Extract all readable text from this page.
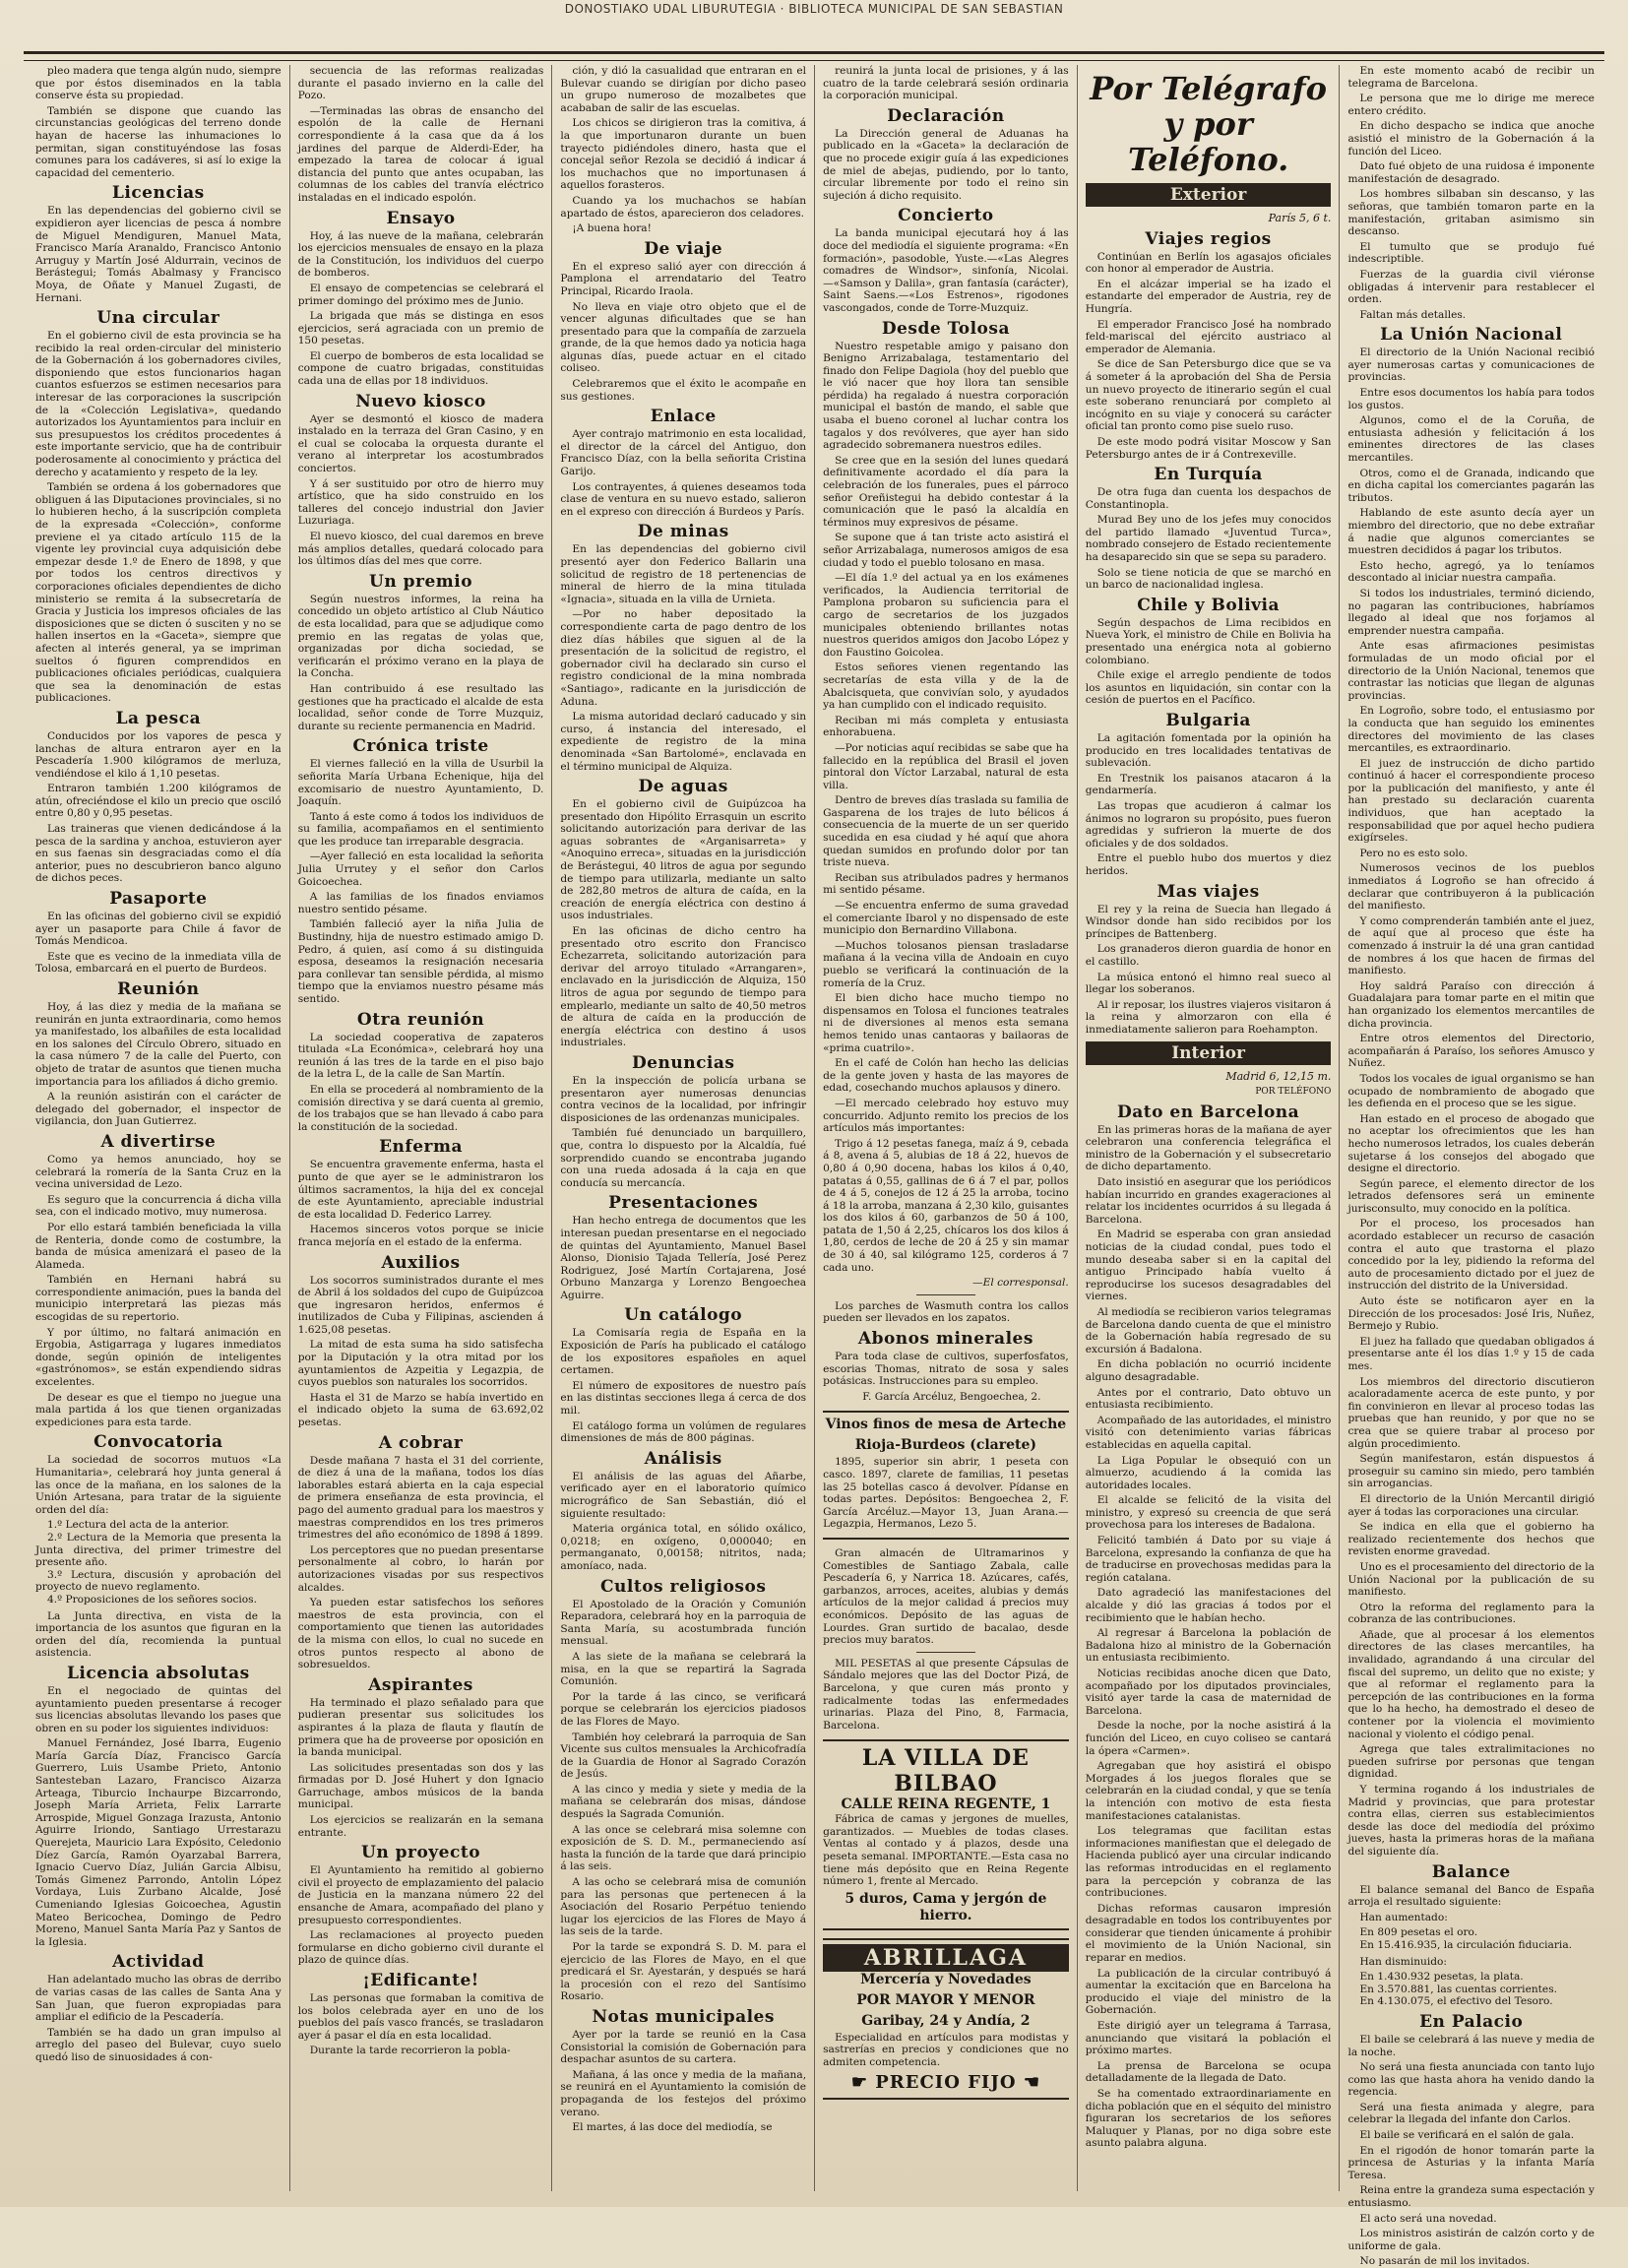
DONOSTIAKO UDAL LIBURUTEGIA · BIBLIOTECA MUNICIPAL DE SAN SEBASTIAN

pleo madera que tenga algún nudo, siempre que por éstos diseminados en la tabla conserve ésta su propiedad.

También se dispone que cuando las circunstancias geológicas del terreno donde hayan de hacerse las inhumaciones lo permitan, sigan constituyéndose las fosas comunes para los cadáveres, si así lo exige la capacidad del cementerio.

Licencias

En las dependencias del gobierno civil se expidieron ayer licencias de pesca á nombre de Miguel Mendiguren, Manuel Mata, Francisco María Aranaldo, Francisco Antonio Arruguy y Martín José Aldurrain, vecinos de Berástegui; Tomás Abalmasy y Francisco Moya, de Oñate y Manuel Zugasti, de Hernani.

Una circular

En el gobierno civil de esta provincia se ha recibido la real orden-circular del ministerio de la Gobernación á los gobernadores civiles, disponiendo que estos funcionarios hagan cuantos esfuerzos se estimen necesarios para interesar de las corporaciones la suscripción de la «Colección Legislativa», quedando autorizados los Ayuntamientos para incluir en sus presupuestos los créditos procedentes á este importante servicio, que ha de contribuir poderosamente al conocimiento y práctica del derecho y acatamiento y respeto de la ley.

También se ordena á los gobernadores que obliguen á las Diputaciones provinciales, si no lo hubieren hecho, á la suscripción completa de la expresada «Colección», conforme previene el ya citado artículo 115 de la vigente ley provincial cuya adquisición debe empezar desde 1.º de Enero de 1898, y que por todos los centros directivos y corporaciones oficiales dependientes de dicho ministerio se remita á la subsecretaría de Gracia y Justicia los impresos oficiales de las disposiciones que se dicten ó susciten y no se hallen insertos en la «Gaceta», siempre que afecten al interés general, ya se impriman sueltos ó figuren comprendidos en publicaciones oficiales periódicas, cualquiera que sea la denominación de estas publicaciones.

La pesca

Conducidos por los vapores de pesca y lanchas de altura entraron ayer en la Pescadería 1.900 kilógramos de merluza, vendiéndose el kilo á 1,10 pesetas.

Entraron también 1.200 kilógramos de atún, ofreciéndose el kilo un precio que osciló entre 0,80 y 0,95 pesetas.

Las traineras que vienen dedicándose á la pesca de la sardina y anchoa, estuvieron ayer en sus faenas sin desgraciadas como el día anterior, pues no descubrieron banco alguno de dichos peces.

Pasaporte

En las oficinas del gobierno civil se expidió ayer un pasaporte para Chile á favor de Tomás Mendicoa.

Este que es vecino de la inmediata villa de Tolosa, embarcará en el puerto de Burdeos.

Reunión

Hoy, á las diez y media de la mañana se reunirán en junta extraordinaria, como hemos ya manifestado, los albañiles de esta localidad en los salones del Círculo Obrero, situado en la casa número 7 de la calle del Puerto, con objeto de tratar de asuntos que tienen mucha importancia para los afiliados á dicho gremio.

A la reunión asistirán con el carácter de delegado del gobernador, el inspector de vigilancia, don Juan Gutierrez.

A divertirse

Como ya hemos anunciado, hoy se celebrará la romería de la Santa Cruz en la vecina universidad de Lezo.

Es seguro que la concurrencia á dicha villa sea, con el indicado motivo, muy numerosa.

Por ello estará también beneficiada la villa de Renteria, donde como de costumbre, la banda de música amenizará el paseo de la Alameda.

También en Hernani habrá su correspondiente animación, pues la banda del municipio interpretará las piezas más escogidas de su repertorio.

Y por último, no faltará animación en Ergobia, Astigarraga y lugares inmediatos donde, según opinión de inteligentes «gastrónomos», se están expendiendo sidras excelentes.

De desear es que el tiempo no juegue una mala partida á los que tienen organizadas expediciones para esta tarde.

Convocatoria

La sociedad de socorros mutuos «La Humanitaria», celebrará hoy junta general á las once de la mañana, en los salones de la Unión Artesana, para tratar de la siguiente orden del día:

1.º Lectura del acta de la anterior.
2.º Lectura de la Memoria que presenta la Junta directiva, del primer trimestre del presente año.
3.º Lectura, discusión y aprobación del proyecto de nuevo reglamento.
4.º Proposiciones de los señores socios.

La Junta directiva, en vista de la importancia de los asuntos que figuran en la orden del día, recomienda la puntual asistencia.

Licencia absolutas

En el negociado de quintas del ayuntamiento pueden presentarse á recoger sus licencias absolutas llevando los pases que obren en su poder los siguientes individuos:

Manuel Fernández, José Ibarra, Eugenio María García Díaz, Francisco García Guerrero, Luis Usambe Prieto, Antonio Santesteban Lazaro, Francisco Aizarza Arteaga, Tiburcio Inchaurpe Bizcarrondo, Joseph María Arrieta, Felix Larrarte Arrospide, Miguel Gonzaga Irazusta, Antonio Aguirre Iriondo, Santiago Urrestarazu Querejeta, Mauricio Lara Expósito, Celedonio Díez García, Ramón Oyarzabal Barrera, Ignacio Cuervo Díaz, Julián Garcia Albisu, Tomás Gimenez Parrondo, Antolin López Vordaya, Luis Zurbano Alcalde, José Cumeniando Iglesias Goicoechea, Agustin Mateo Bericochea, Domingo de Pedro Moreno, Manuel Santa María Paz y Santos de la Iglesia.

Actividad

Han adelantado mucho las obras de derribo de varias casas de las calles de Santa Ana y San Juan, que fueron expropiadas para ampliar el edificio de la Pescadería.

También se ha dado un gran impulso al arreglo del paseo del Bulevar, cuyo suelo quedó liso de sinuosidades á con-

secuencia de las reformas realizadas durante el pasado invierno en la calle del Pozo.

—Terminadas las obras de ensancho del espolón de la calle de Hernani correspondiente á la casa que da á los jardines del parque de Alderdi-Eder, ha empezado la tarea de colocar á igual distancia del punto que antes ocupaban, las columnas de los cables del tranvía eléctrico instaladas en el indicado espolón.

Ensayo

Hoy, á las nueve de la mañana, celebrarán los ejercicios mensuales de ensayo en la plaza de la Constitución, los individuos del cuerpo de bomberos.

El ensayo de competencias se celebrará el primer domingo del próximo mes de Junio.

La brigada que más se distinga en esos ejercicios, será agraciada con un premio de 150 pesetas.

El cuerpo de bomberos de esta localidad se compone de cuatro brigadas, constituidas cada una de ellas por 18 individuos.

Nuevo kiosco

Ayer se desmontó el kiosco de madera instalado en la terraza del Gran Casino, y en el cual se colocaba la orquesta durante el verano al interpretar los acostumbrados conciertos.

Y á ser sustituido por otro de hierro muy artístico, que ha sido construido en los talleres del concejo industrial don Javier Luzuriaga.

El nuevo kiosco, del cual daremos en breve más amplios detalles, quedará colocado para los últimos días del mes que corre.

Un premio

Según nuestros informes, la reina ha concedido un objeto artístico al Club Náutico de esta localidad, para que se adjudique como premio en las regatas de yolas que, organizadas por dicha sociedad, se verificarán el próximo verano en la playa de la Concha.

Han contribuido á ese resultado las gestiones que ha practicado el alcalde de esta localidad, señor conde de Torre Muzquiz, durante su reciente permanencia en Madrid.

Crónica triste

El viernes falleció en la villa de Usurbil la señorita María Urbana Echenique, hija del excomisario de nuestro Ayuntamiento, D. Joaquín.

Tanto á este como á todos los individuos de su familia, acompañamos en el sentimiento que les produce tan irreparable desgracia.

—Ayer falleció en esta localidad la señorita Julia Urrutey y el señor don Carlos Goicoechea.

A las familias de los finados enviamos nuestro sentido pésame.

También falleció ayer la niña Julia de Bustindny, hija de nuestro estimado amigo D. Pedro, á quien, así como á su distinguida esposa, deseamos la resignación necesaria para conllevar tan sensible pérdida, al mismo tiempo que la enviamos nuestro pésame más sentido.

Otra reunión

La sociedad cooperativa de zapateros titulada «La Económica», celebrará hoy una reunión á las tres de la tarde en el piso bajo de la letra L, de la calle de San Martín.

En ella se procederá al nombramiento de la comisión directiva y se dará cuenta al gremio, de los trabajos que se han llevado á cabo para la constitución de la sociedad.

Enferma

Se encuentra gravemente enferma, hasta el punto de que ayer se le administraron los últimos sacramentos, la hija del ex concejal de este Ayuntamiento, apreciable industrial de esta localidad D. Federico Larrey.

Hacemos sinceros votos porque se inicie franca mejoría en el estado de la enferma.

Auxilios

Los socorros suministrados durante el mes de Abril á los soldados del cupo de Guipúzcoa que ingresaron heridos, enfermos é inutilizados de Cuba y Filipinas, ascienden á 1.625,08 pesetas.

La mitad de esta suma ha sido satisfecha por la Diputación y la otra mitad por los ayuntamientos de Azpeitia y Legazpia, de cuyos pueblos son naturales los socorridos.

Hasta el 31 de Marzo se había invertido en el indicado objeto la suma de 63.692,02 pesetas.

A cobrar

Desde mañana 7 hasta el 31 del corriente, de diez á una de la mañana, todos los días laborables estará abierta en la caja especial de primera enseñanza de esta provincia, el pago del aumento gradual para los maestros y maestras comprendidos en los tres primeros trimestres del año económico de 1898 á 1899.

Los perceptores que no puedan presentarse personalmente al cobro, lo harán por autorizaciones visadas por sus respectivos alcaldes.

Ya pueden estar satisfechos los señores maestros de esta provincia, con el comportamiento que tienen las autoridades de la misma con ellos, lo cual no sucede en otros puntos respecto al abono de sobresueldos.

Aspirantes

Ha terminado el plazo señalado para que pudieran presentar sus solicitudes los aspirantes á la plaza de flauta y flautín de primera que ha de proveerse por oposición en la banda municipal.

Las solicitudes presentadas son dos y las firmadas por D. José Huhert y don Ignacio Garruchage, ambos músicos de la banda municipal.

Los ejercicios se realizarán en la semana entrante.

Un proyecto

El Ayuntamiento ha remitido al gobierno civil el proyecto de emplazamiento del palacio de Justicia en la manzana número 22 del ensanche de Amara, acompañado del plano y presupuesto correspondientes.

Las reclamaciones al proyecto pueden formularse en dicho gobierno civil durante el plazo de quince días.

¡Edificante!

Las personas que formaban la comitiva de los bolos celebrada ayer en uno de los pueblos del país vasco francés, se trasladaron ayer á pasar el día en esta localidad.

Durante la tarde recorrieron la pobla-

ción, y dió la casualidad que entraran en el Bulevar cuando se dirigían por dicho paseo un grupo numeroso de mozalbetes que acababan de salir de las escuelas.

Los chicos se dirigieron tras la comitiva, á la que importunaron durante un buen trayecto pidiéndoles dinero, hasta que el concejal señor Rezola se decidió á indicar á los muchachos que no importunasen á aquellos forasteros.

Cuando ya los muchachos se habían apartado de éstos, aparecieron dos celadores.

¡A buena hora!

De viaje

En el expreso salió ayer con dirección á Pamplona el arrendatario del Teatro Principal, Ricardo Iraola.

No lleva en viaje otro objeto que el de vencer algunas dificultades que se han presentado para que la compañía de zarzuela grande, de la que hemos dado ya noticia haga algunas días, puede actuar en el citado coliseo.

Celebraremos que el éxito le acompañe en sus gestiones.

Enlace

Ayer contrajo matrimonio en esta localidad, el director de la cárcel del Antiguo, don Francisco Díaz, con la bella señorita Cristina Garijo.

Los contrayentes, á quienes deseamos toda clase de ventura en su nuevo estado, salieron en el expreso con dirección á Burdeos y París.

De minas

En las dependencias del gobierno civil presentó ayer don Federico Ballarin una solicitud de registro de 18 pertenencias de mineral de hierro de la mina titulada «Ignacia», situada en la villa de Urnieta.

—Por no haber depositado la correspondiente carta de pago dentro de los diez días hábiles que siguen al de la presentación de la solicitud de registro, el gobernador civil ha declarado sin curso el registro condicional de la mina nombrada «Santiago», radicante en la jurisdicción de Aduna.

La misma autoridad declaró caducado y sin curso, á instancia del interesado, el expediente de registro de la mina denominada «San Bartolomé», enclavada en el término municipal de Alquiza.

De aguas

En el gobierno civil de Guipúzcoa ha presentado don Hipólito Errasquin un escrito solicitando autorización para derivar de las aguas sobrantes de «Arganisarreta» y «Anoquino erreca», situadas en la jurisdicción de Berástegui, 40 litros de agua por segundo de tiempo para utilizarla, mediante un salto de 282,80 metros de altura de caída, en la creación de energía eléctrica con destino á usos industriales.

En las oficinas de dicho centro ha presentado otro escrito don Francisco Echezarreta, solicitando autorización para derivar del arroyo titulado «Arrangaren», enclavado en la jurisdicción de Alquiza, 150 litros de agua por segundo de tiempo para emplearlo, mediante un salto de 40,50 metros de altura de caída en la producción de energía eléctrica con destino á usos industriales.

Denuncias

En la inspección de policía urbana se presentaron ayer numerosas denuncias contra vecinos de la localidad, por infringir disposiciones de las ordenanzas municipales.

También fué denunciado un barquillero, que, contra lo dispuesto por la Alcaldía, fué sorprendido cuando se encontraba jugando con una rueda adosada á la caja en que conducía su mercancía.

Presentaciones

Han hecho entrega de documentos que les interesan puedan presentarse en el negociado de quintas del Ayuntamiento, Manuel Basel Alonso, Dionisio Tajada Tellería, José Perez Rodriguez, José Martín Cortajarena, José Orbuno Manzarga y Lorenzo Bengoechea Aguirre.

Un catálogo

La Comisaría regia de España en la Exposición de París ha publicado el catálogo de los expositores españoles en aquel certamen.

El número de expositores de nuestro país en las distintas secciones llega á cerca de dos mil.

El catálogo forma un volúmen de regulares dimensiones de más de 800 páginas.

Análisis

El análisis de las aguas del Añarbe, verificado ayer en el laboratorio químico micrográfico de San Sebastián, dió el siguiente resultado:

Materia orgánica total, en sólido oxálico, 0,0218; en oxígeno, 0,000040; en permanganato, 0,00158; nitritos, nada; amoníaco, nada.

Cultos religiosos

El Apostolado de la Oración y Comunión Reparadora, celebrará hoy en la parroquia de Santa María, su acostumbrada función mensual.

A las siete de la mañana se celebrará la misa, en la que se repartirá la Sagrada Comunión.

Por la tarde á las cinco, se verificará porque se celebrarán los ejercicios piadosos de las Flores de Mayo.

También hoy celebrará la parroquia de San Vicente sus cultos mensuales la Archicofradía de la Guardia de Honor al Sagrado Corazón de Jesús.

A las cinco y media y siete y media de la mañana se celebrarán dos misas, dándose después la Sagrada Comunión.

A las once se celebrará misa solemne con exposición de S. D. M., permaneciendo así hasta la función de la tarde que dará principio á las seis.

A las ocho se celebrará misa de comunión para las personas que pertenecen á la Asociación del Rosario Perpétuo teniendo lugar los ejercicios de las Flores de Mayo á las seis de la tarde.

Por la tarde se expondrá S. D. M. para el ejercicio de las Flores de Mayo, en el que predicará el Sr. Ayestarán, y después se hará la procesión con el rezo del Santísimo Rosario.

Notas municipales

Ayer por la tarde se reunió en la Casa Consistorial la comisión de Gobernación para despachar asuntos de su cartera.

Mañana, á las once y media de la mañana, se reunirá en el Ayuntamiento la comisión de propaganda de los festejos del próximo verano.

El martes, á las doce del mediodía, se

reunirá la junta local de prisiones, y á las cuatro de la tarde celebrará sesión ordinaria la corporación municipal.

Declaración

La Dirección general de Aduanas ha publicado en la «Gaceta» la declaración de que no procede exigir guía á las expediciones de miel de abejas, pudiendo, por lo tanto, circular libremente por todo el reino sin sujeción á dicho requisito.

Concierto

La banda municipal ejecutará hoy á las doce del mediodía el siguiente programa: «En formación», pasodoble, Yuste.—«Las Alegres comadres de Windsor», sinfonía, Nicolai.—«Samson y Dalila», gran fantasía (carácter), Saint Saens.—«Los Estrenos», rigodones vascongados, conde de Torre-Muzquiz.

Desde Tolosa

Nuestro respetable amigo y paisano don Benigno Arrizabalaga, testamentario del finado don Felipe Dagiola (hoy del pueblo que le vió nacer que hoy llora tan sensible pérdida) ha regalado á nuestra corporación municipal el bastón de mando, el sable que usaba el bueno coronel al luchar contra los tagalos y dos revólveres, que ayer han sido agradecido sobremanera nuestros ediles.

Se cree que en la sesión del lunes quedará definitivamente acordado el día para la celebración de los funerales, pues el párroco señor Oreñistegui ha debido contestar á la comunicación que le pasó la alcaldía en términos muy expresivos de pésame.

Se supone que á tan triste acto asistirá el señor Arrizabalaga, numerosos amigos de esa ciudad y todo el pueblo tolosano en masa.

—El día 1.º del actual ya en los exámenes verificados, la Audiencia territorial de Pamplona probaron su suficiencia para el cargo de secretarios de los juzgados municipales obteniendo brillantes notas nuestros queridos amigos don Jacobo López y don Faustino Goicolea.

Estos señores vienen regentando las secretarías de esta villa y de la de Abalcisqueta, que convivían solo, y ayudados ya han cumplido con el indicado requisito.

Reciban mi más completa y entusiasta enhorabuena.

—Por noticias aquí recibidas se sabe que ha fallecido en la república del Brasil el joven pintoral don Víctor Larzabal, natural de esta villa.

Dentro de breves días traslada su familia de Gasparena de los trajes de luto bélicos á consecuencia de la muerte de un ser querido sucedida en esa ciudad y hé aquí que ahora quedan sumidos en profundo dolor por tan triste nueva.

Reciban sus atribulados padres y hermanos mi sentido pésame.

—Se encuentra enfermo de suma gravedad el comerciante Ibarol y no dispensado de este municipio don Bernardino Villabona.

—Muchos tolosanos piensan trasladarse mañana á la vecina villa de Andoain en cuyo pueblo se verificará la continuación de la romería de la Cruz.

El bien dicho hace mucho tiempo no dispensamos en Tolosa el funciones teatrales ni de diversiones al menos esta semana hemos tenido unas cantaoras y bailaoras de «prima cuatrilo».

En el café de Colón han hecho las delicias de la gente joven y hasta de las mayores de edad, cosechando muchos aplausos y dinero.

—El mercado celebrado hoy estuvo muy concurrido. Adjunto remito los precios de los artículos más importantes:

Trigo á 12 pesetas fanega, maíz á 9, cebada á 8, avena á 5, alubias de 18 á 22, huevos de 0,80 á 0,90 docena, habas los kilos á 0,40, patatas á 0,55, gallinas de 6 á 7 el par, pollos de 4 á 5, conejos de 12 á 25 la arroba, tocino á 18 la arroba, manzana á 2,30 kilo, guisantes los dos kilos á 60, garbanzos de 50 á 100, patata de 1,50 á 2,25, chícaros los dos kilos á 1,80, cerdos de leche de 20 á 25 y sin mamar de 30 á 40, sal kilógramo 125, corderos á 7 cada uno.

—El corresponsal.

Los parches de Wasmuth contra los callos pueden ser llevados en los zapatos.

Abonos minerales

Para toda clase de cultivos, superfosfatos, escorias Thomas, nitrato de sosa y sales potásicas. Instrucciones para su empleo.

F. García Arcéluz, Bengoechea, 2.

Vinos finos de mesa de Arteche
Rioja-Burdeos (clarete)

1895, superior sin abrir, 1 peseta con casco. 1897, clarete de familias, 11 pesetas las 25 botellas casco á devolver. Pídanse en todas partes. Depósitos: Bengoechea 2, F. García Arcéluz.—Mayor 13, Juan Arana.—Legazpia, Hermanos, Lezo 5.

Gran almacén de Ultramarinos y Comestibles de Santiago Zabala, calle Pescadería 6, y Narrica 18. Azúcares, cafés, garbanzos, arroces, aceites, alubias y demás artículos de la mejor calidad á precios muy económicos. Depósito de las aguas de Lourdes. Gran surtido de bacalao, desde precios muy baratos.

MIL PESETAS al que presente Cápsulas de Sándalo mejores que las del Doctor Pizá, de Barcelona, y que curen más pronto y radicalmente todas las enfermedades urinarias. Plaza del Pino, 8, Farmacia, Barcelona.

LA VILLA DE BILBAO
CALLE REINA REGENTE, 1

Fábrica de camas y jergones de muelles, garantizados. — Muebles de todas clases. Ventas al contado y á plazos, desde una peseta semanal. IMPORTANTE.—Esta casa no tiene más depósito que en Reina Regente número 1, frente al Mercado.

5 duros, Cama y jergón de hierro.
ABRILLAGA
Mercería y Novedades
POR MAYOR Y MENOR
Garibay, 24 y Andía, 2

Especialidad en artículos para modistas y sastrerías en precios y condiciones que no admiten competencia.

☛ PRECIO FIJO ☚
Por Telégrafo y por Teléfono.
Exterior
París 5, 6 t.
Viajes regios

Continúan en Berlín los agasajos oficiales con honor al emperador de Austria.

En el alcázar imperial se ha izado el estandarte del emperador de Austria, rey de Hungría.

El emperador Francisco José ha nombrado feld-mariscal del ejército austriaco al emperador de Alemania.

Se dice de San Petersburgo dice que se va á someter á la aprobación del Sha de Persia un nuevo proyecto de itinerario según el cual este soberano renunciará por completo al incógnito en su viaje y conocerá su carácter oficial tan pronto como pise suelo ruso.

De este modo podrá visitar Moscow y San Petersburgo antes de ir á Contrexeville.

En Turquía

De otra fuga dan cuenta los despachos de Constantinopla.

Murad Bey uno de los jefes muy conocidos del partido llamado «Juventud Turca», nombrado consejero de Estado recientemente ha desaparecido sin que se sepa su paradero.

Solo se tiene noticia de que se marchó en un barco de nacionalidad inglesa.

Chile y Bolivia

Según despachos de Lima recibidos en Nueva York, el ministro de Chile en Bolivia ha presentado una enérgica nota al gobierno colombiano.

Chile exige el arreglo pendiente de todos los asuntos en liquidación, sin contar con la cesión de puertos en el Pacífico.

Bulgaria

La agitación fomentada por la opinión ha producido en tres localidades tentativas de sublevación.

En Trestnik los paisanos atacaron á la gendarmería.

Las tropas que acudieron á calmar los ánimos no lograron su propósito, pues fueron agredidas y sufrieron la muerte de dos oficiales y de dos soldados.

Entre el pueblo hubo dos muertos y diez heridos.

Mas viajes

El rey y la reina de Suecia han llegado á Windsor donde han sido recibidos por los príncipes de Battenberg.

Los granaderos dieron guardia de honor en el castillo.

La música entonó el himno real sueco al llegar los soberanos.

Al ir reposar, los ilustres viajeros visitaron á la reina y almorzaron con ella é inmediatamente salieron para Roehampton.

Interior
Madrid 6, 12,15 m.
POR TELÉFONO
Dato en Barcelona

En las primeras horas de la mañana de ayer celebraron una conferencia telegráfica el ministro de la Gobernación y el subsecretario de dicho departamento.

Dato insistió en asegurar que los periódicos habían incurrido en grandes exageraciones al relatar los incidentes ocurridos á su llegada á Barcelona.

En Madrid se esperaba con gran ansiedad noticias de la ciudad condal, pues todo el mundo deseaba saber si en la capital del antiguo Principado había vuelto á reproducirse los sucesos desagradables del viernes.

Al mediodía se recibieron varios telegramas de Barcelona dando cuenta de que el ministro de la Gobernación había regresado de su excursión á Badalona.

En dicha población no ocurrió incidente alguno desagradable.

Antes por el contrario, Dato obtuvo un entusiasta recibimiento.

Acompañado de las autoridades, el ministro visitó con detenimiento varias fábricas establecidas en aquella capital.

La Liga Popular le obsequió con un almuerzo, acudiendo á la comida las autoridades locales.

El alcalde se felicitó de la visita del ministro, y expresó su creencia de que será provechosa para los intereses de Badalona.

Felicitó también á Dato por su viaje á Barcelona, expresando la confianza de que ha de traducirse en provechosas medidas para la región catalana.

Dato agradeció las manifestaciones del alcalde y dió las gracias á todos por el recibimiento que le habían hecho.

Al regresar á Barcelona la población de Badalona hizo al ministro de la Gobernación un entusiasta recibimiento.

Noticias recibidas anoche dicen que Dato, acompañado por los diputados provinciales, visitó ayer tarde la casa de maternidad de Barcelona.

Desde la noche, por la noche asistirá á la función del Liceo, en cuyo coliseo se cantará la ópera «Carmen».

Agregaban que hoy asistirá el obispo Morgades á los juegos florales que se celebrarán en la ciudad condal, y que se tenía la intención con motivo de esta fiesta manifestaciones catalanistas.

Los telegramas que facilitan estas informaciones manifiestan que el delegado de Hacienda publicó ayer una circular indicando las reformas introducidas en el reglamento para la percepción y cobranza de las contribuciones.

Dichas reformas causaron impresión desagradable en todos los contribuyentes por considerar que tienden únicamente á prohibir el movimiento de la Unión Nacional, sin reparar en medios.

La publicación de la circular contribuyó á aumentar la excitación que en Barcelona ha producido el viaje del ministro de la Gobernación.

Este dirigió ayer un telegrama á Tarrasa, anunciando que visitará la población el próximo martes.

La prensa de Barcelona se ocupa detalladamente de la llegada de Dato.

Se ha comentado extraordinariamente en dicha población que en el séquito del ministro figuraran los secretarios de los señores Maluquer y Planas, por no diga sobre este asunto palabra alguna.

En este momento acabó de recibir un telegrama de Barcelona.

Le persona que me lo dirige me merece entero crédito.

En dicho despacho se indica que anoche asistió el ministro de la Gobernación á la función del Liceo.

Dato fué objeto de una ruidosa é imponente manifestación de desagrado.

Los hombres silbaban sin descanso, y las señoras, que también tomaron parte en la manifestación, gritaban asimismo sin descanso.

El tumulto que se produjo fué indescriptible.

Fuerzas de la guardia civil viéronse obligadas á intervenir para restablecer el orden.

Faltan más detalles.

La Unión Nacional

El directorio de la Unión Nacional recibió ayer numerosas cartas y comunicaciones de provincias.

Entre esos documentos los había para todos los gustos.

Algunos, como el de la Coruña, de entusiasta adhesión y felicitación á los eminentes directores de las clases mercantiles.

Otros, como el de Granada, indicando que en dicha capital los comerciantes pagarán las tributos.

Hablando de este asunto decía ayer un miembro del directorio, que no debe extrañar á nadie que algunos comerciantes se muestren decididos á pagar los tributos.

Esto hecho, agregó, ya lo teníamos descontado al iniciar nuestra campaña.

Si todos los industriales, terminó diciendo, no pagaran las contribuciones, habríamos llegado al ideal que nos forjamos al emprender nuestra campaña.

Ante esas afirmaciones pesimistas formuladas de un modo oficial por el directorio de la Unión Nacional, tenemos que contrastar las noticias que llegan de algunas provincias.

En Logroño, sobre todo, el entusiasmo por la conducta que han seguido los eminentes directores del movimiento de las clases mercantiles, es extraordinario.

El juez de instrucción de dicho partido continuó á hacer el correspondiente proceso por la publicación del manifiesto, y ante él han prestado su declaración cuarenta individuos, que han aceptado la responsabilidad que por aquel hecho pudiera exigírseles.

Pero no es esto solo.

Numerosos vecinos de los pueblos inmediatos á Logroño se han ofrecido á declarar que contribuyeron á la publicación del manifiesto.

Y como comprenderán también ante el juez, de aquí que al proceso que éste ha comenzado á instruir la dé una gran cantidad de nombres á los que hacen de firmas del manifiesto.

Hoy saldrá Paraíso con dirección á Guadalajara para tomar parte en el mitin que han organizado los elementos mercantiles de dicha provincia.

Entre otros elementos del Directorio, acompañarán á Paraíso, los señores Amusco y Nuñez.

Todos los vocales de igual organismo se han ocupado de nombramiento de abogado que les defienda en el proceso que se les sigue.

Han estado en el proceso de abogado que no aceptar los ofrecimientos que les han hecho numerosos letrados, los cuales deberán sujetarse á los consejos del abogado que designe el directorio.

Según parece, el elemento director de los letrados defensores será un eminente jurisconsulto, muy conocido en la política.

Por el proceso, los procesados han acordado establecer un recurso de casación contra el auto que trastorna el plazo concedido por la ley, pidiendo la reforma del auto de procesamiento dictado por el juez de instrucción del distrito de la Universidad.

Auto éste se notificaron ayer en la Dirección de los procesados: José Iris, Nuñez, Bermejo y Rubio.

El juez ha fallado que quedaban obligados á presentarse ante él los días 1.º y 15 de cada mes.

Los miembros del directorio discutieron acaloradamente acerca de este punto, y por fin convinieron en llevar al proceso todas las pruebas que han reunido, y por que no se crea que se quiere trabar al proceso por algún procedimiento.

Según manifestaron, están dispuestos á proseguir su camino sin miedo, pero también sin arrogancias.

El directorio de la Unión Mercantil dirigió ayer á todas las corporaciones una circular.

Se indica en ella que el gobierno ha realizado recientemente dos hechos que revisten enorme gravedad.

Uno es el procesamiento del directorio de la Unión Nacional por la publicación de su manifiesto.

Otro la reforma del reglamento para la cobranza de las contribuciones.

Añade, que al procesar á los elementos directores de las clases mercantiles, ha invalidado, agrandando á una circular del fiscal del supremo, un delito que no existe; y que al reformar el reglamento para la percepción de las contribuciones en la forma que lo ha hecho, ha demostrado el deseo de contener por la violencia el movimiento nacional y violento el código penal.

Agrega que tales extralimitaciones no pueden sufrirse por personas que tengan dignidad.

Y termina rogando á los industriales de Madrid y provincias, que para protestar contra ellas, cierren sus establecimientos desde las doce del mediodía del próximo jueves, hasta la primeras horas de la mañana del siguiente día.

Balance

El balance semanal del Banco de España arroja el resultado siguiente:

Han aumentado:

En 809 pesetas el oro.
En 15.416.935, la circulación fiduciaria.

Han disminuido:

En 1.430.932 pesetas, la plata.
En 3.570.881, las cuentas corrientes.
En 4.130.075, el efectivo del Tesoro.
En Palacio

El baile se celebrará á las nueve y media de la noche.

No será una fiesta anunciada con tanto lujo como las que hasta ahora ha venido dando la regencia.

Será una fiesta animada y alegre, para celebrar la llegada del infante don Carlos.

El baile se verificará en el salón de gala.

En el rigodón de honor tomarán parte la princesa de Asturias y la infanta María Teresa.

Reina entre la grandeza suma espectación y entusiasmo.

El acto será una novedad.

Los ministros asistirán de calzón corto y de uniforme de gala.

No pasarán de mil los invitados.
